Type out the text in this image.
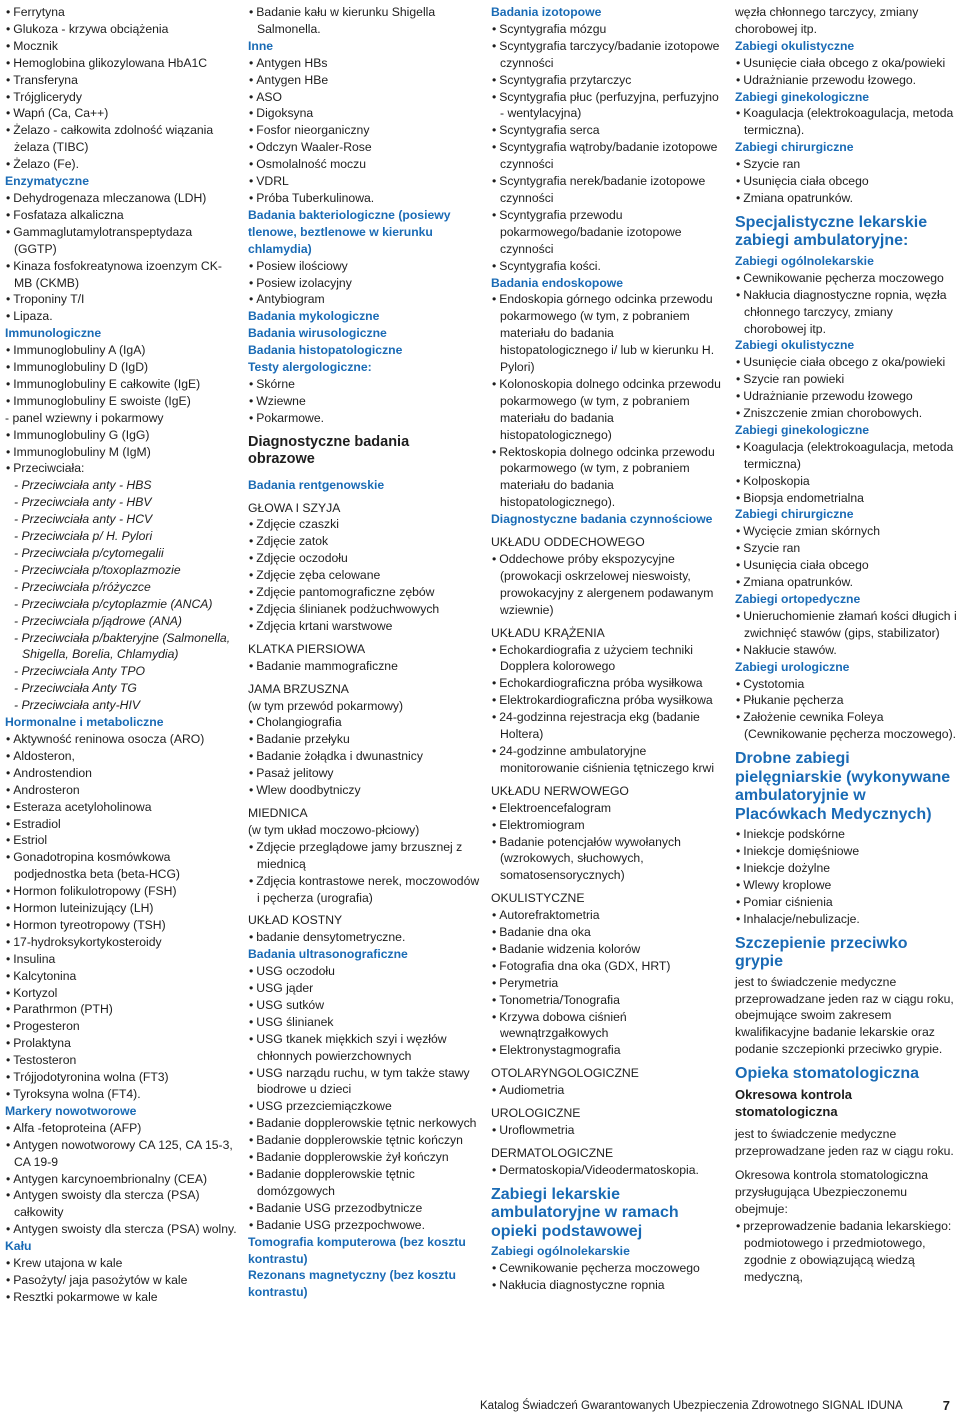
• Ferrytyna
• Glukoza - krzywa obciążenia
• Mocznik
• Hemoglobina glikozylowana HbA1C
• Transferyna
• Trójglicerydy
• Wapń (Ca, Ca++)
• Żelazo - całkowita zdolność wiązania żelaza (TIBC)
• Żelazo (Fe).
Enzymatyczne
• Dehydrogenaza mleczanowa (LDH)
• Fosfataza alkaliczna
• Gammaglutamylotranspeptydaza (GGTP)
• Kinaza fosfokreatynowa izoenzym CK-MB (CKMB)
• Troponiny T/I
• Lipaza.
Immunologiczne
• Immunoglobuliny A (IgA)
• Immunoglobuliny D (IgD)
• Immunoglobuliny E całkowite (IgE)
• Immunoglobuliny E swoiste (IgE)
- panel wziewny i pokarmowy
• Immunoglobuliny G (IgG)
• Immunoglobuliny M (IgM)
• Przeciwciała:
- Przeciwciała anty - HBS
- Przeciwciała anty - HBV
- Przeciwciała anty - HCV
- Przeciwciała p/ H. Pylori
- Przeciwciała p/cytomegalii
- Przeciwciała p/toxoplazmozie
- Przeciwciała p/różyczce
- Przeciwciała p/cytoplazmie (ANCA)
- Przeciwciała p/jądrowe (ANA)
- Przeciwciała p/bakteryjne (Salmonella, Shigella, Borelia, Chlamydia)
- Przeciwciała Anty TPO
- Przeciwciała Anty TG
- Przeciwciała anty-HIV
Hormonalne i metaboliczne
• Aktywność reninowa osocza (ARO)
• Aldosteron,
• Androstendion
• Androsteron
• Esteraza acetyloholinowa
• Estradiol
• Estriol
• Gonadotropina kosmówkowa podjednostka beta (beta-HCG)
• Hormon folikulotropowy (FSH)
• Hormon luteinizujący (LH)
• Hormon tyreotropowy (TSH)
• 17-hydroksykortykosteroidy
• Insulina
• Kalcytonina
• Kortyzol
• Parathrmon (PTH)
• Progesteron
• Prolaktyna
• Testosteron
• Trójjodotyronina wolna (FT3)
• Tyroksyna wolna (FT4).
Markery nowotworowe
• Alfa -fetoproteina (AFP)
• Antygen nowotworowy CA 125, CA 15-3, CA 19-9
• Antygen karcynoembrionalny (CEA)
• Antygen swoisty dla stercza (PSA) całkowity
• Antygen swoisty dla stercza (PSA) wolny.
Kału
• Krew utajona w kale
• Pasożyty/ jaja pasożytów w kale
• Resztki pokarmowe w kale
• Badanie kału w kierunku Shigella Salmonella.
Inne
• Antygen HBs
• Antygen HBe
• ASO
• Digoksyna
• Fosfor nieorganiczny
• Odczyn Waaler-Rose
• Osmolalność moczu
• VDRL
• Próba Tuberkulinowa.
Badania bakteriologiczne (posiewy tlenowe, beztlenowe w kierunku chlamydia)
• Posiew ilościowy
• Posiew izolacyjny
• Antybiogram
Badania mykologiczne
Badania wirusologiczne
Badania histopatologiczne
Testy alergologiczne:
• Skórne
• Wziewne
• Pokarmowe.
Diagnostyczne badania obrazowe
Badania rentgenowskie
GŁOWA I SZYJA
• Zdjęcie czaszki
• Zdjęcie zatok
• Zdjęcie oczodołu
• Zdjęcie zęba celowane
• Zdjęcie pantomograficzne zębów
• Zdjęcia ślinianek podżuchwowych
• Zdjęcia krtani warstwowe
KLATKA PIERSIOWA
• Badanie mammograficzne
JAMA BRZUSZNA
(w tym przewód pokarmowy)
• Cholangiografia
• Badanie przełyku
• Badanie żołądka i dwunastnicy
• Pasaż jelitowy
• Wlew doodbytniczy
MIEDNICA
(w tym układ moczowo-płciowy)
• Zdjęcie przeglądowe jamy brzusznej z miednicą
• Zdjęcia kontrastowe nerek, moczowodów i pęcherza (urografia)
UKŁAD KOSTNY
• badanie densytometryczne.
Badania ultrasonograficzne
• USG oczodołu
• USG jąder
• USG sutków
• USG ślinianek
• USG tkanek miękkich szyi i węzłów chłonnych powierzchownych
• USG narządu ruchu, w tym także stawy biodrowe u dzieci
• USG przezciemiączkowe
• Badanie dopplerowskie tętnic nerkowych
• Badanie dopplerowskie tętnic kończyn
• Badanie dopplerowskie żył kończyn
• Badanie dopplerowskie tętnic domózgowych
• Badanie USG przezodbytnicze
• Badanie USG przezpochwowe.
Tomografia komputerowa (bez kosztu kontrastu)
Rezonans magnetyczny (bez kosztu kontrastu)
Badania izotopowe
• Scyntygrafia mózgu
• Scyntygrafia tarczycy/badanie izotopowe czynności
• Scyntygrafia przytarczyc
• Scyntygrafia płuc (perfuzyjna, perfuzyjno - wentylacyjna)
• Scyntygrafia serca
• Scyntygrafia wątroby/badanie izotopowe czynności
• Scyntygrafia nerek/badanie izotopowe czynności
• Scyntygrafia przewodu pokarmowego/badanie izotopowe czynności
• Scyntygrafia kości.
Badania endoskopowe
• Endoskopia górnego odcinka przewodu pokarmowego (w tym, z pobraniem materiału do badania histopatologicznego i/ lub w kierunku H. Pylori)
• Kolonoskopia dolnego odcinka przewodu pokarmowego (w tym, z pobraniem materiału do badania histopatologicznego)
• Rektoskopia dolnego odcinka przewodu pokarmowego (w tym, z pobraniem materiału do badania histopatologicznego).
Diagnostyczne badania czynnościowe
UKŁADU ODDECHOWEGO
• Oddechowe próby ekspozycyjne (prowokacji oskrzelowej nieswoisty, prowokacyjny z alergenem podawanym wziewnie)
UKŁADU KRĄŻENIA
• Echokardiografia z użyciem techniki Dopplera kolorowego
• Echokardiograficzna próba wysiłkowa
• Elektrokardiograficzna próba wysiłkowa
• 24-godzinna rejestracja ekg (badanie Holtera)
• 24-godzinne ambulatoryjne monitorowanie ciśnienia tętniczego krwi
UKŁADU NERWOWEGO
• Elektroencefalogram
• Elektromiogram
• Badanie potencjałów wywołanych (wzrokowych, słuchowych, somatosensorycznych)
OKULISTYCZNE
• Autorefraktometria
• Badanie dna oka
• Badanie widzenia kolorów
• Fotografia dna oka (GDX, HRT)
• Perymetria
• Tonometria/Tonografia
• Krzywa dobowa ciśnień wewnątrzgałkowych
• Elektronystagmografia
OTOLARYNGOLOGICZNE
• Audiometria
UROLOGICZNE
• Uroflowmetria
DERMATOLOGICZNE
• Dermatoskopia/Videodermatoskopia.
Zabiegi lekarskie ambulatoryjne w ramach opieki podstawowej
Zabiegi ogólnolekarskie
• Cewnikowanie pęcherza moczowego
• Nakłucia diagnostyczne ropnia
węzła chłonnego tarczycy, zmiany chorobowej itp.
Zabiegi okulistyczne
• Usunięcie ciała obcego z oka/powieki
• Udrażnianie przewodu łzowego.
Zabiegi ginekologiczne
• Koagulacja (elektrokoagulacja, metoda termiczna).
Zabiegi chirurgiczne
• Szycie ran
• Usunięcia ciała obcego
• Zmiana opatrunków.
Specjalistyczne lekarskie zabiegi ambulatoryjne:
Zabiegi ogólnolekarskie
• Cewnikowanie pęcherza moczowego
• Nakłucia diagnostyczne ropnia, węzła chłonnego tarczycy, zmiany chorobowej itp.
Zabiegi okulistyczne
• Usunięcie ciała obcego z oka/powieki
• Szycie ran powieki
• Udrażnianie przewodu łzowego
• Zniszczenie zmian chorobowych.
Zabiegi ginekologiczne
• Koagulacja (elektrokoagulacja, metoda termiczna)
• Kolposkopia
• Biopsja endometrialna
Zabiegi chirurgiczne
• Wycięcie zmian skórnych
• Szycie ran
• Usunięcia ciała obcego
• Zmiana opatrunków.
Zabiegi ortopedyczne
• Unieruchomienie złamań kości długich i zwichnięć stawów (gips, stabilizator)
• Nakłucie stawów.
Zabiegi urologiczne
• Cystotomia
• Płukanie pęcherza
• Założenie cewnika Foleya (Cewnikowanie pęcherza moczowego).
Drobne zabiegi pielęgniarskie (wykonywane ambulatoryjnie w Placówkach Medycznych)
• Iniekcje podskórne
• Iniekcje domięśniowe
• Iniekcje dożylne
• Wlewy kroplowe
• Pomiar ciśnienia
• Inhalacje/nebulizacje.
Szczepienie przeciwko grypie
jest to świadczenie medyczne przeprowadzane jeden raz w ciągu roku, obejmujące swoim zakresem kwalifikacyjne badanie lekarskie oraz podanie szczepionki przeciwko grypie.
Opieka stomatologiczna
Okresowa kontrola stomatologiczna
jest to świadczenie medyczne przeprowadzane jeden raz w ciągu roku.
Okresowa kontrola stomatologiczna przysługująca Ubezpieczonemu obejmuje:
• przeprowadzenie badania lekarskiego: podmiotowego i przedmiotowego, zgodnie z obowiązującą wiedzą medyczną,
Katalog Świadczeń Gwarantowanych Ubezpieczenia Zdrowotnego SIGNAL IDUNA	7
